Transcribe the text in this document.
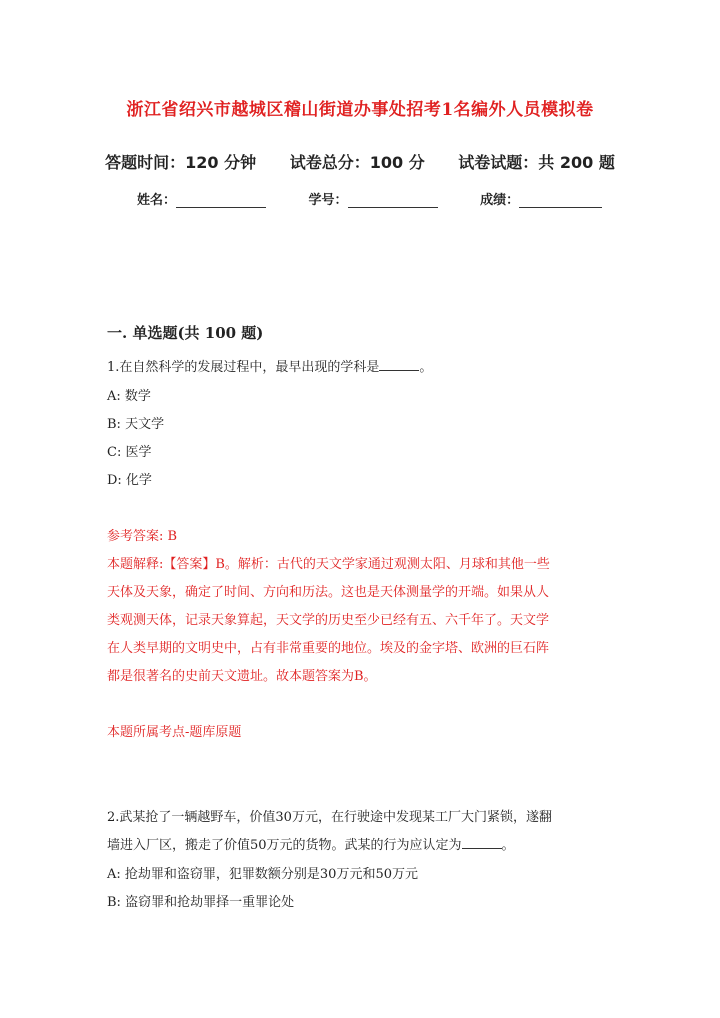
浙江省绍兴市越城区稽山街道办事处招考1名编外人员模拟卷
答题时间：120 分钟 试卷总分：100 分 试卷试题：共 200 题
姓名：	学号：	成绩：
一. 单选题(共 100 题)
1.在自然科学的发展过程中，最早出现的学科是	。
A: 数学
B: 天文学
C: 医学
D: 化学
参考答案: B
本题解释:【答案】B。解析：古代的天文学家通过观测太阳、月球和其他一些
天体及天象，确定了时间、方向和历法。这也是天体测量学的开端。如果从人
类观测天体，记录天象算起，天文学的历史至少已经有五、六千年了。天文学
在人类早期的文明史中，占有非常重要的地位。埃及的金字塔、欧洲的巨石阵
都是很著名的史前天文遗址。故本题答案为B。
本题所属考点-题库原题
2.武某抢了一辆越野车，价值30万元，在行驶途中发现某工厂大门紧锁，遂翻
墙进入厂区，搬走了价值50万元的货物。武某的行为应认定为	。
A: 抢劫罪和盗窃罪，犯罪数额分别是30万元和50万元
B: 盗窃罪和抢劫罪择一重罪论处
